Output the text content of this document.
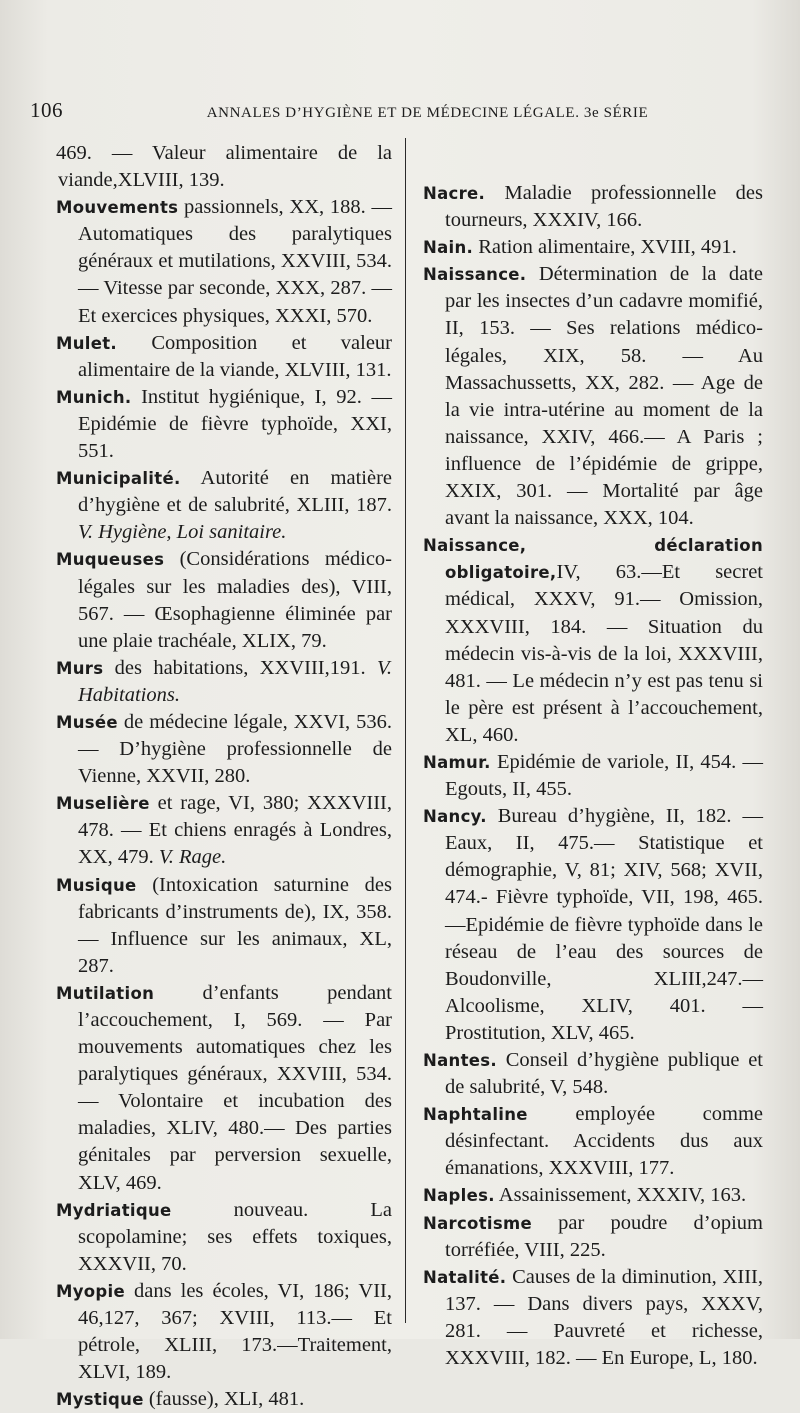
106	ANNALES D’HYGIÈNE ET DE MÉDECINE LÉGALE. 3e SÉRIE

469. — Valeur alimentaire de la viande,XLVIII, 139.

Mouvements passionnels, XX, 188. — Automatiques des paralytiques généraux et mutilations, XXVIII, 534. — Vitesse par seconde, XXX, 287. — Et exercices physiques, XXXI, 570.

Mulet. Composition et valeur alimentaire de la viande, XLVIII, 131.

Munich. Institut hygiénique, I, 92. — Epidémie de fièvre typhoïde, XXI, 551.

Municipalité. Autorité en matière d’hygiène et de salubrité, XLIII, 187. V. Hygiène, Loi sanitaire.

Muqueuses (Considérations médico-légales sur les maladies des), VIII, 567. — Œsophagienne éliminée par une plaie trachéale, XLIX, 79.

Murs des habitations, XXVIII,191. V. Habitations.

Musée de médecine légale, XXVI, 536.— D’hygiène professionnelle de Vienne, XXVII, 280.

Muselière et rage, VI, 380; XXXVIII, 478. — Et chiens enragés à Londres, XX, 479. V. Rage.

Musique (Intoxication saturnine des fabricants d’instruments de), IX, 358. — Influence sur les animaux, XL, 287.

Mutilation d’enfants pendant l’accouchement, I, 569. — Par mouvements automatiques chez les paralytiques généraux, XXVIII, 534. — Volontaire et incubation des maladies, XLIV, 480.— Des parties génitales par perversion sexuelle, XLV, 469.

Mydriatique nouveau. La scopolamine; ses effets toxiques, XXXVII, 70.

Myopie dans les écoles, VI, 186; VII, 46,127, 367; XVIII, 113.— Et pétrole, XLIII, 173.—Traitement, XLVI, 189.

Mystique (fausse), XLI, 481.

Nacre. Maladie professionnelle des tourneurs, XXXIV, 166.

Nain. Ration alimentaire, XVIII, 491.

Naissance. Détermination de la date par les insectes d’un cadavre momifié, II, 153. — Ses relations médico-légales, XIX, 58. — Au Massachussetts, XX, 282. — Age de la vie intra-utérine au moment de la naissance, XXIV, 466.— A Paris ; influence de l’épidémie de grippe, XXIX, 301. — Mortalité par âge avant la naissance, XXX, 104.

Naissance, déclaration obligatoire,IV, 63.—Et secret médical, XXXV, 91.— Omission, XXXVIII, 184. — Situation du médecin vis-à-vis de la loi, XXXVIII, 481. — Le médecin n’y est pas tenu si le père est présent à l’accouchement, XL, 460.

Namur. Epidémie de variole, II, 454. — Egouts, II, 455.

Nancy. Bureau d’hygiène, II, 182. — Eaux, II, 475.— Statistique et démographie, V, 81; XIV, 568; XVII, 474.- Fièvre typhoïde, VII, 198, 465.—Epidémie de fièvre typhoïde dans le réseau de l’eau des sources de Boudonville, XLIII,247.— Alcoolisme, XLIV, 401. — Prostitution, XLV, 465.

Nantes. Conseil d’hygiène publique et de salubrité, V, 548.

Naphtaline employée comme désinfectant. Accidents dus aux émanations, XXXVIII, 177.

Naples. Assainissement, XXXIV, 163.

Narcotisme par poudre d’opium torréfiée, VIII, 225.

Natalité. Causes de la diminution, XIII, 137. — Dans divers pays, XXXV, 281. — Pauvreté et richesse, XXXVIII, 182. — En Europe, L, 180.
